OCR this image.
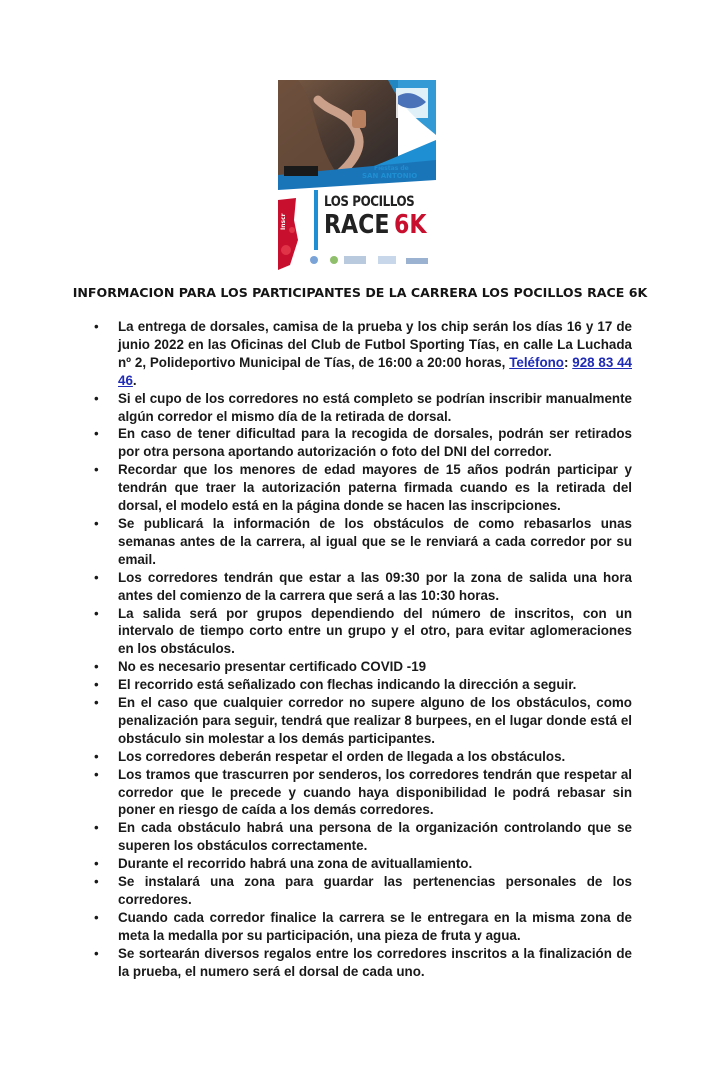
Fiestas de
SAN ANTONIO
LOS POCILLOS
RACE 6K
Inscr
INFORMACION PARA LOS PARTICIPANTES DE LA CARRERA LOS POCILLOS RACE 6K
• La entrega de dorsales, camisa de la prueba y los chip serán los días 16 y 17 de junio 2022 en las Oficinas del Club de Futbol Sporting Tías, en calle La Luchada nº 2, Polideportivo Municipal de Tías, de 16:00 a 20:00 horas, Teléfono: 928 83 44 46.
• Si el cupo de los corredores no está completo se podrían inscribir manualmente algún corredor el mismo día de la retirada de dorsal.
• En caso de tener dificultad para la recogida de dorsales, podrán ser retirados por otra persona aportando autorización o foto del DNI del corredor.
• Recordar que los menores de edad mayores de 15 años podrán participar y tendrán que traer la autorización paterna firmada cuando es la retirada del dorsal, el modelo está en la página donde se hacen las inscripciones.
• Se publicará la información de los obstáculos de como rebasarlos unas semanas antes de la carrera, al igual que se le renviará a cada corredor por su email.
• Los corredores tendrán que estar a las 09:30 por la zona de salida una hora antes del comienzo de la carrera que será a las 10:30 horas.
• La salida será por grupos dependiendo del número de inscritos, con un intervalo de tiempo corto entre un grupo y el otro, para evitar aglomeraciones en los obstáculos.
• No es necesario presentar certificado COVID -19
• El recorrido está señalizado con flechas indicando la dirección a seguir.
• En el caso que cualquier corredor no supere alguno de los obstáculos, como penalización para seguir, tendrá que realizar 8 burpees, en el lugar donde está el obstáculo sin molestar a los demás participantes.
• Los corredores deberán respetar el orden de llegada a los obstáculos.
• Los tramos que trascurren por senderos, los corredores tendrán que respetar al corredor que le precede y cuando haya disponibilidad le podrá rebasar sin poner en riesgo de caída a los demás corredores.
• En cada obstáculo habrá una persona de la organización controlando que se superen los obstáculos correctamente.
• Durante el recorrido habrá una zona de avituallamiento.
• Se instalará una zona para guardar las pertenencias personales de los corredores.
• Cuando cada corredor finalice la carrera se le entregara en la misma zona de meta la medalla por su participación, una pieza de fruta y agua.
• Se sortearán diversos regalos entre los corredores inscritos a la finalización de la prueba, el numero será el dorsal de cada uno.
